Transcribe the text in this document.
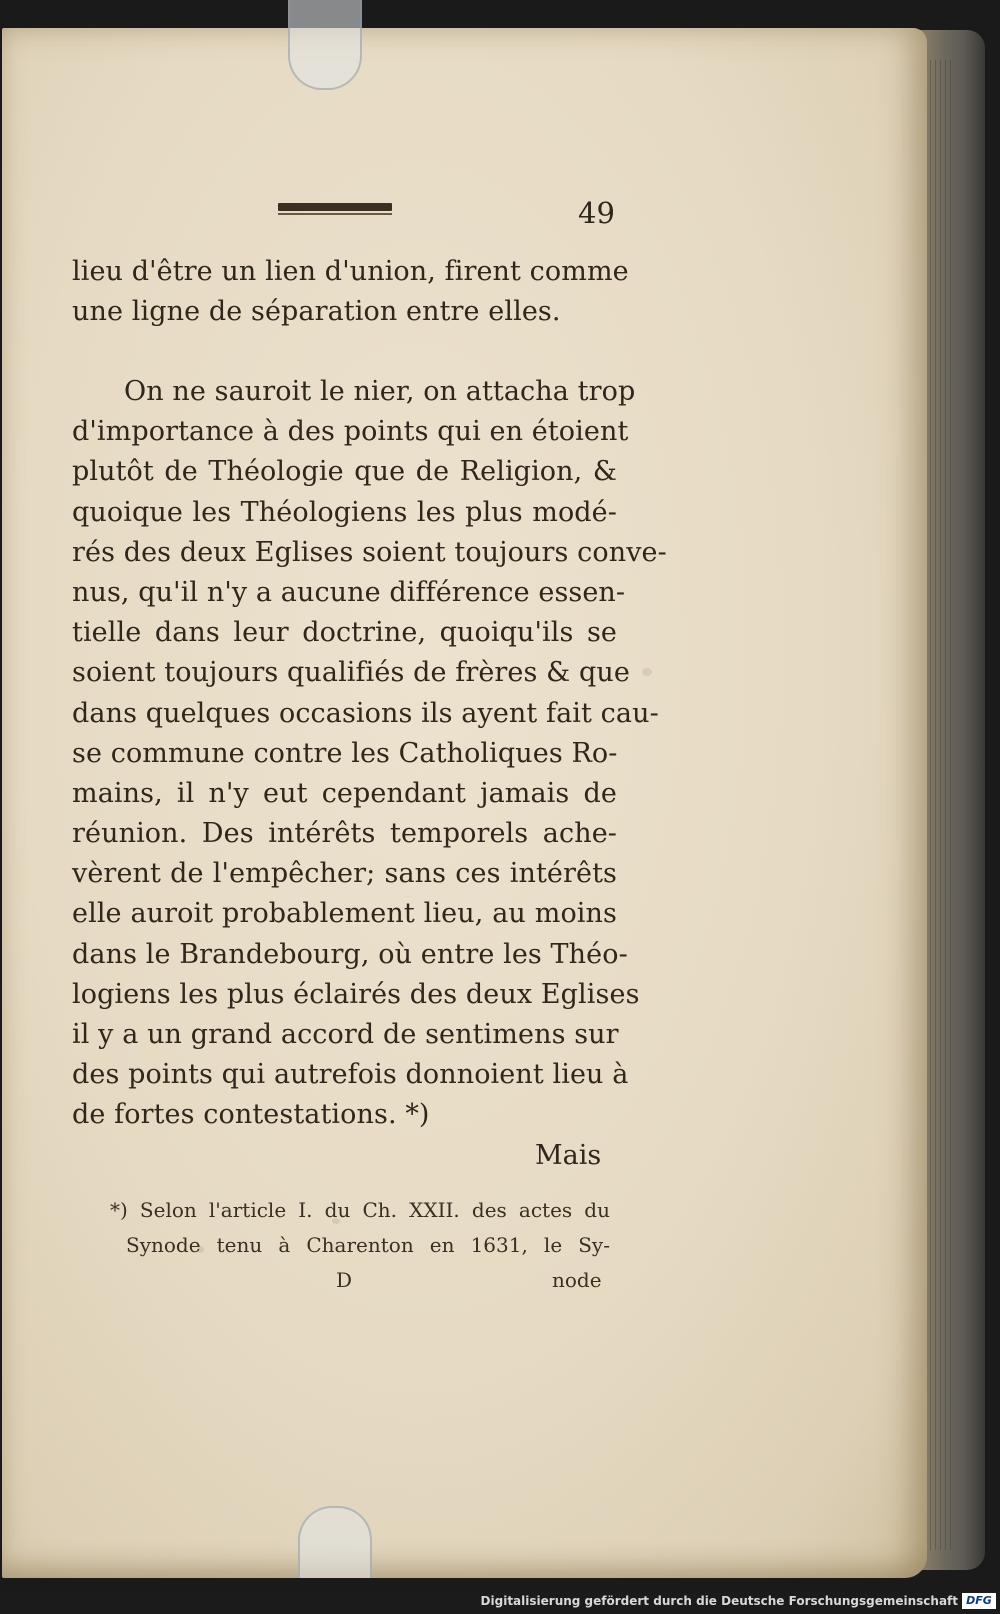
49
lieu d'être un lien d'union, firent comme
une ligne de séparation entre elles.
On ne sauroit le nier, on attacha trop
d'importance à des points qui en étoient
plutôt de Théologie que de Religion, &
quoique les Théologiens les plus modé-
rés des deux Eglises soient toujours conve-
nus, qu'il n'y a aucune différence essen-
tielle dans leur doctrine, quoiqu'ils se
soient toujours qualifiés de frères & que
dans quelques occasions ils ayent fait cau-
se commune contre les Catholiques Ro-
mains, il n'y eut cependant jamais de
réunion. Des intérêts temporels ache-
vèrent de l'empêcher; sans ces intérêts
elle auroit probablement lieu, au moins
dans le Brandebourg, où entre les Théo-
logiens les plus éclairés des deux Eglises
il y a un grand accord de sentimens sur
des points qui autrefois donnoient lieu à
de fortes contestations. *)
Mais
*) Selon l'article I. du Ch. XXII. des actes du
Synode tenu à Charenton en 1631, le Sy-
D	node
Digitalisierung gefördert durch die Deutsche Forschungsgemeinschaft DFG
